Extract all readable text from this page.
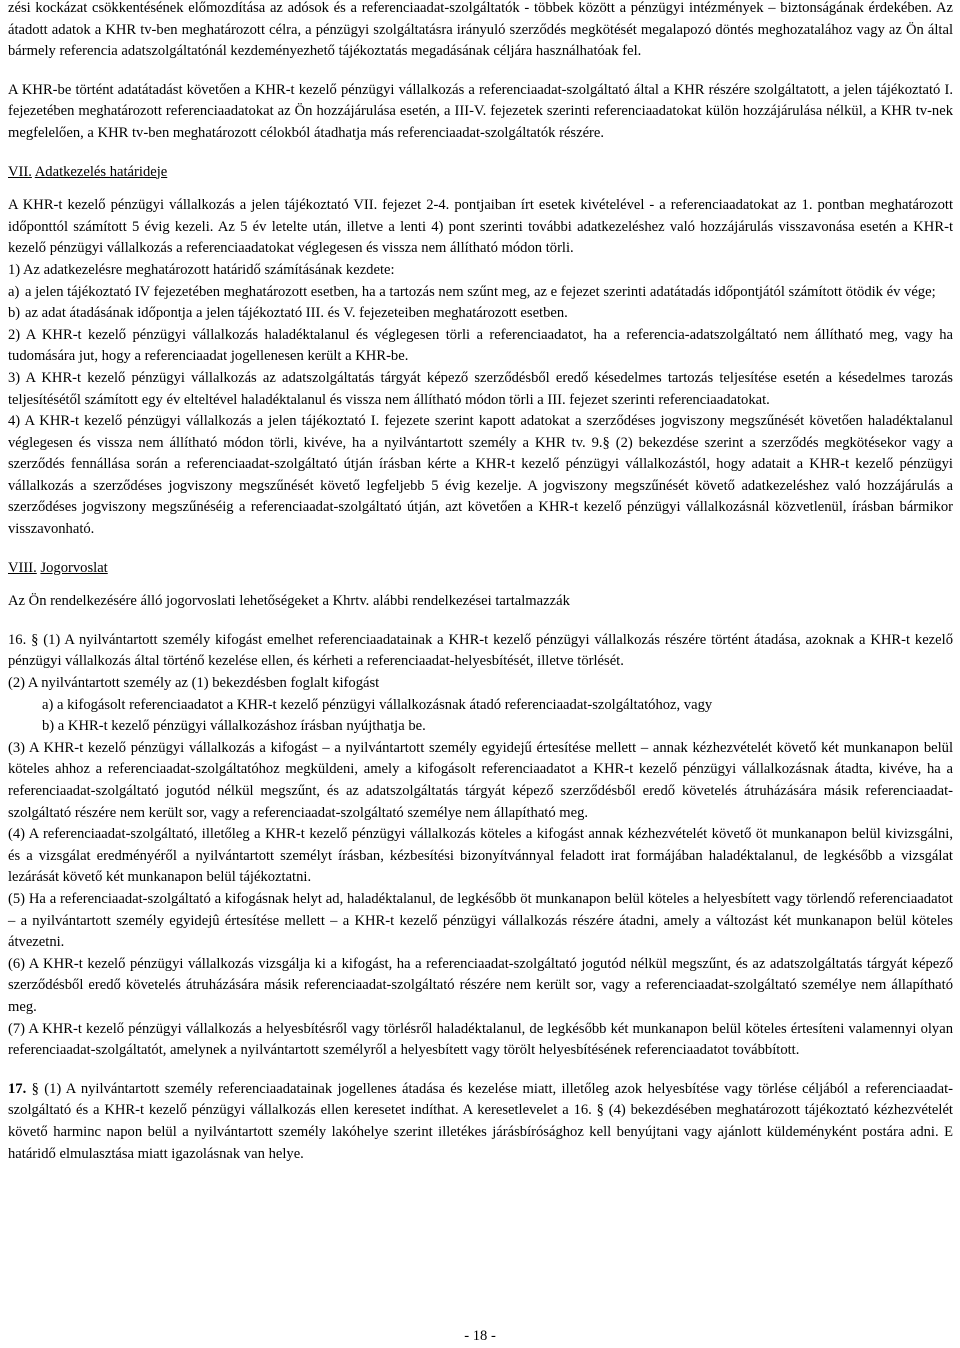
zési kockázat csökkentésének előmozdítása az adósok és a referenciaadat-szolgáltatók - többek között a pénzügyi intézmények – biztonságának érdekében. Az átadott adatok a KHR tv-ben meghatározott célra, a pénzügyi szolgáltatásra irányuló szerződés megkötését megalapozó döntés meghozatalához vagy az Ön által bármely referencia adatszolgáltatónál kezdeményezhető tájékoztatás megadásának céljára használhatóak fel.

A KHR-be történt adatátadást követően a KHR-t kezelő pénzügyi vállalkozás a referenciaadat-szolgáltató által a KHR részére szolgáltatott, a jelen tájékoztató I. fejezetében meghatározott referenciaadatokat az Ön hozzájárulása esetén, a III-V. fejezetek szerinti referenciaadatokat külön hozzájárulása nélkül, a KHR tv-nek megfelelően, a KHR tv-ben meghatározott célokból átadhatja más referenciaadat-szolgáltatók részére.

VII. Adatkezelés határideje

A KHR-t kezelő pénzügyi vállalkozás a jelen tájékoztató VII. fejezet 2-4. pontjaiban írt esetek kivételével - a referenciaadatokat az 1. pontban meghatározott időponttól számított 5 évig kezeli. Az 5 év letelte után, illetve a lenti 4) pont szerinti további adatkezeléshez való hozzájárulás visszavonása esetén a KHR-t kezelő pénzügyi vállalkozás a referenciaadatokat véglegesen és vissza nem állítható módon törli.

1) Az adatkezelésre meghatározott határidő számításának kezdete:

a) a jelen tájékoztató IV fejezetében meghatározott esetben, ha a tartozás nem szűnt meg, az e fejezet szerinti adatátadás időpontjától számított ötödik év vége;
b) az adat átadásának időpontja a jelen tájékoztató III. és V. fejezeteiben meghatározott esetben.

2) A KHR-t kezelő pénzügyi vállalkozás haladéktalanul és véglegesen törli a referenciaadatot, ha a referencia-adatszolgáltató nem állítható meg, vagy ha tudomására jut, hogy a referenciaadat jogellenesen került a KHR-be.

3) A KHR-t kezelő pénzügyi vállalkozás az adatszolgáltatás tárgyát képező szerződésből eredő késedelmes tartozás teljesítése esetén a késedelmes tarozás teljesítésétől számított egy év elteltével haladéktalanul és vissza nem állítható módon törli a III. fejezet szerinti referenciaadatokat.

4) A KHR-t kezelő pénzügyi vállalkozás a jelen tájékoztató I. fejezete szerint kapott adatokat a szerződéses jogviszony megszűnését követően haladéktalanul véglegesen és vissza nem állítható módon törli, kivéve, ha a nyilvántartott személy a KHR tv. 9.§ (2) bekezdése szerint a szerződés megkötésekor vagy a szerződés fennállása során a referenciaadat-szolgáltató útján írásban kérte a KHR-t kezelő pénzügyi vállalkozástól, hogy adatait a KHR-t kezelő pénzügyi vállalkozás a szerződéses jogviszony megszűnését követő legfeljebb 5 évig kezelje. A jogviszony megszűnését követő adatkezeléshez való hozzájárulás a szerződéses jogviszony megszűnéséig a referenciaadat-szolgáltató útján, azt követően a KHR-t kezelő pénzügyi vállalkozásnál közvetlenül, írásban bármikor visszavonható.

VIII. Jogorvoslat

Az Ön rendelkezésére álló jogorvoslati lehetőségeket a Khrtv. alábbi rendelkezései tartalmazzák

16. § (1) A nyilvántartott személy kifogást emelhet referenciaadatainak a KHR-t kezelő pénzügyi vállalkozás részére történt átadása, azoknak a KHR-t kezelő pénzügyi vállalkozás által történő kezelése ellen, és kérheti a referenciaadat-helyesbítését, illetve törlését.

(2) A nyilvántartott személy az (1) bekezdésben foglalt kifogást

a) a kifogásolt referenciaadatot a KHR-t kezelő pénzügyi vállalkozásnak átadó referenciaadat-szolgáltatóhoz, vagy

b) a KHR-t kezelő pénzügyi vállalkozáshoz írásban nyújthatja be.

(3) A KHR-t kezelő pénzügyi vállalkozás a kifogást – a nyilvántartott személy egyidejű értesítése mellett – annak kézhezvételét követő két munkanapon belül köteles ahhoz a referenciaadat-szolgáltatóhoz megküldeni, amely a kifogásolt referenciaadatot a KHR-t kezelő pénzügyi vállalkozásnak átadta, kivéve, ha a referenciaadat-szolgáltató jogutód nélkül megszűnt, és az adatszolgáltatás tárgyát képező szerződésből eredő követelés átruházására másik referenciaadat-szolgáltató részére nem került sor, vagy a referenciaadat-szolgáltató személye nem állapítható meg.

(4) A referenciaadat-szolgáltató, illetőleg a KHR-t kezelő pénzügyi vállalkozás köteles a kifogást annak kézhezvételét követő öt munkanapon belül kivizsgálni, és a vizsgálat eredményéről a nyilvántartott személyt írásban, kézbesítési bizonyítvánnyal feladott irat formájában haladéktalanul, de legkésőbb a vizsgálat lezárását követő két munkanapon belül tájékoztatni.

(5) Ha a referenciaadat-szolgáltató a kifogásnak helyt ad, haladéktalanul, de legkésőbb öt munkanapon belül köteles a helyesbített vagy törlendő referenciaadatot – a nyilvántartott személy egyidejû értesítése mellett – a KHR-t kezelő pénzügyi vállalkozás részére átadni, amely a változást két munkanapon belül köteles átvezetni.

(6) A KHR-t kezelő pénzügyi vállalkozás vizsgálja ki a kifogást, ha a referenciaadat-szolgáltató jogutód nélkül megszűnt, és az adatszolgáltatás tárgyát képező szerződésből eredő követelés átruházására másik referenciaadat-szolgáltató részére nem került sor, vagy a referenciaadat-szolgáltató személye nem állapítható meg.

(7) A KHR-t kezelő pénzügyi vállalkozás a helyesbítésről vagy törlésről haladéktalanul, de legkésőbb két munkanapon belül köteles értesíteni valamennyi olyan referenciaadat-szolgáltatót, amelynek a nyilvántartott személyről a helyesbített vagy törölt helyesbítésének referenciaadatot továbbított.

17. § (1) A nyilvántartott személy referenciaadatainak jogellenes átadása és kezelése miatt, illetőleg azok helyesbítése vagy törlése céljából a referenciaadat-szolgáltató és a KHR-t kezelő pénzügyi vállalkozás ellen keresetet indíthat. A keresetlevelet a 16. § (4) bekezdésében meghatározott tájékoztató kézhezvételét követő harminc napon belül a nyilvántartott személy lakóhelye szerint illetékes járásbírósághoz kell benyújtani vagy ajánlott küldeményként postára adni. E határidő elmulasztása miatt igazolásnak van helye.

- 18 -
